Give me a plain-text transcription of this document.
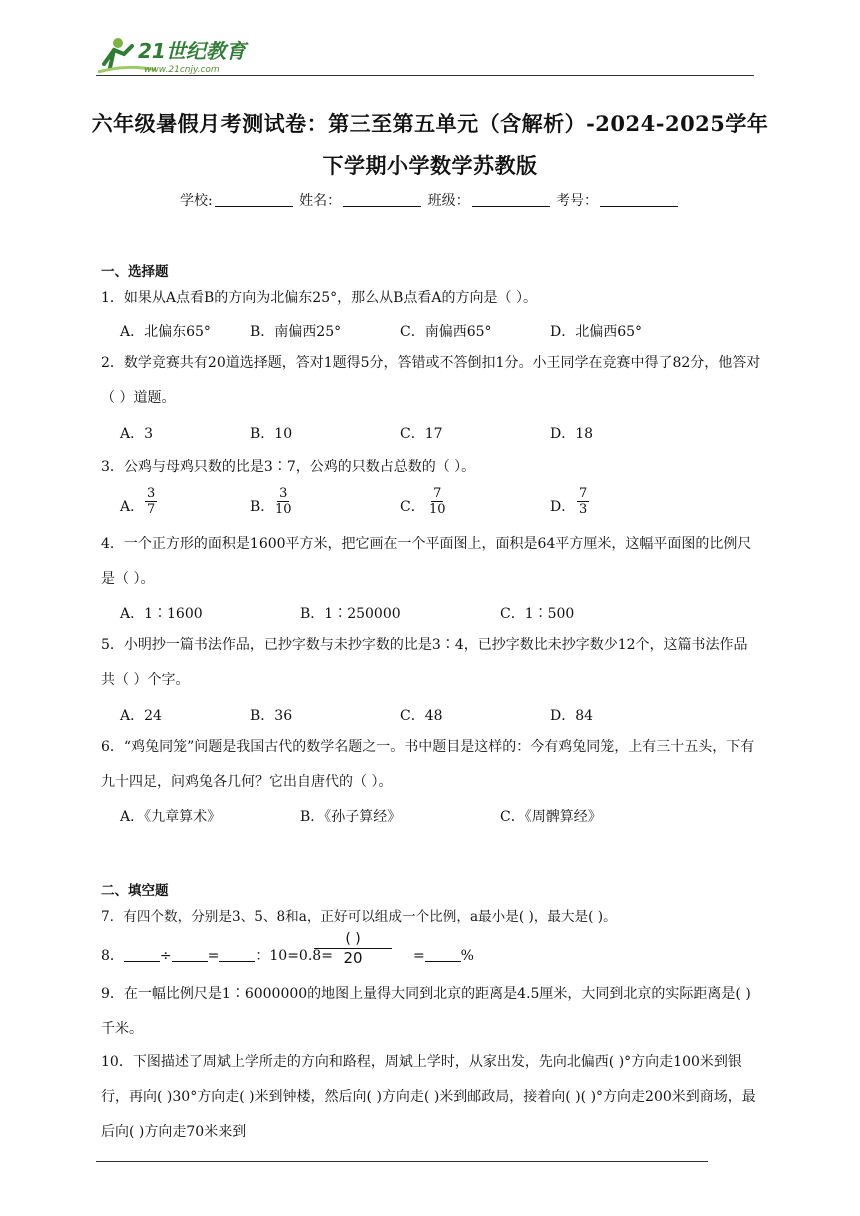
21世纪教育
www.21cnjy.com
六年级暑假月考测试卷：第三至第五单元（含解析）-2024-2025学年
下学期小学数学苏教版
学校:	姓名：	班级：	考号：
一、选择题
1．如果从A点看B的方向为北偏东25°，那么从B点看A的方向是（ ）。
A．北偏东65°	B．南偏西25°	C．南偏西65°	D．北偏西65°
2．数学竞赛共有20道选择题，答对1题得5分，答错或不答倒扣1分。小王同学在竞赛中得了82分，他答对（ ）道题。
A．3	B．10	C．17	D．18
3．公鸡与母鸡只数的比是3∶7，公鸡的只数占总数的（ ）。
A． $\frac{3}{7}$	B． $\frac{3}{10}$	C． $\frac{7}{10}$	D． $\frac{7}{3}$
4．一个正方形的面积是1600平方米，把它画在一个平面图上，面积是64平方厘米，这幅平面图的比例尺是（ ）。
A．1∶1600	B．1∶250000	C．1∶500
5．小明抄一篇书法作品，已抄字数与未抄字数的比是3∶4，已抄字数比未抄字数少12个，这篇书法作品共（ ）个字。
A．24	B．36	C．48	D．84
6．“鸡兔同笼”问题是我国古代的数学名题之一。书中题目是这样的：今有鸡兔同笼，上有三十五头，下有九十四足，问鸡兔各几何？它出自唐代的（ ）。
A．《九章算术》	B．《孙子算经》	C．《周髀算经》
二、填空题
7．有四个数，分别是3、5、8和a，正好可以组成一个比例，a最小是( )，最大是( )。
8．	÷	=	：10=0.8=	=	%
( )
20
9．在一幅比例尺是1∶6000000的地图上量得大同到北京的距离是4.5厘米，大同到北京的实际距离是( )千米。
10．下图描述了周斌上学所走的方向和路程，周斌上学时，从家出发，先向北偏西( )°方向走100米到银行，再向( )30°方向走( )米到钟楼，然后向( )方向走( )米到邮政局，接着向( )( )°方向走200米到商场，最后向( )方向走70米来到
